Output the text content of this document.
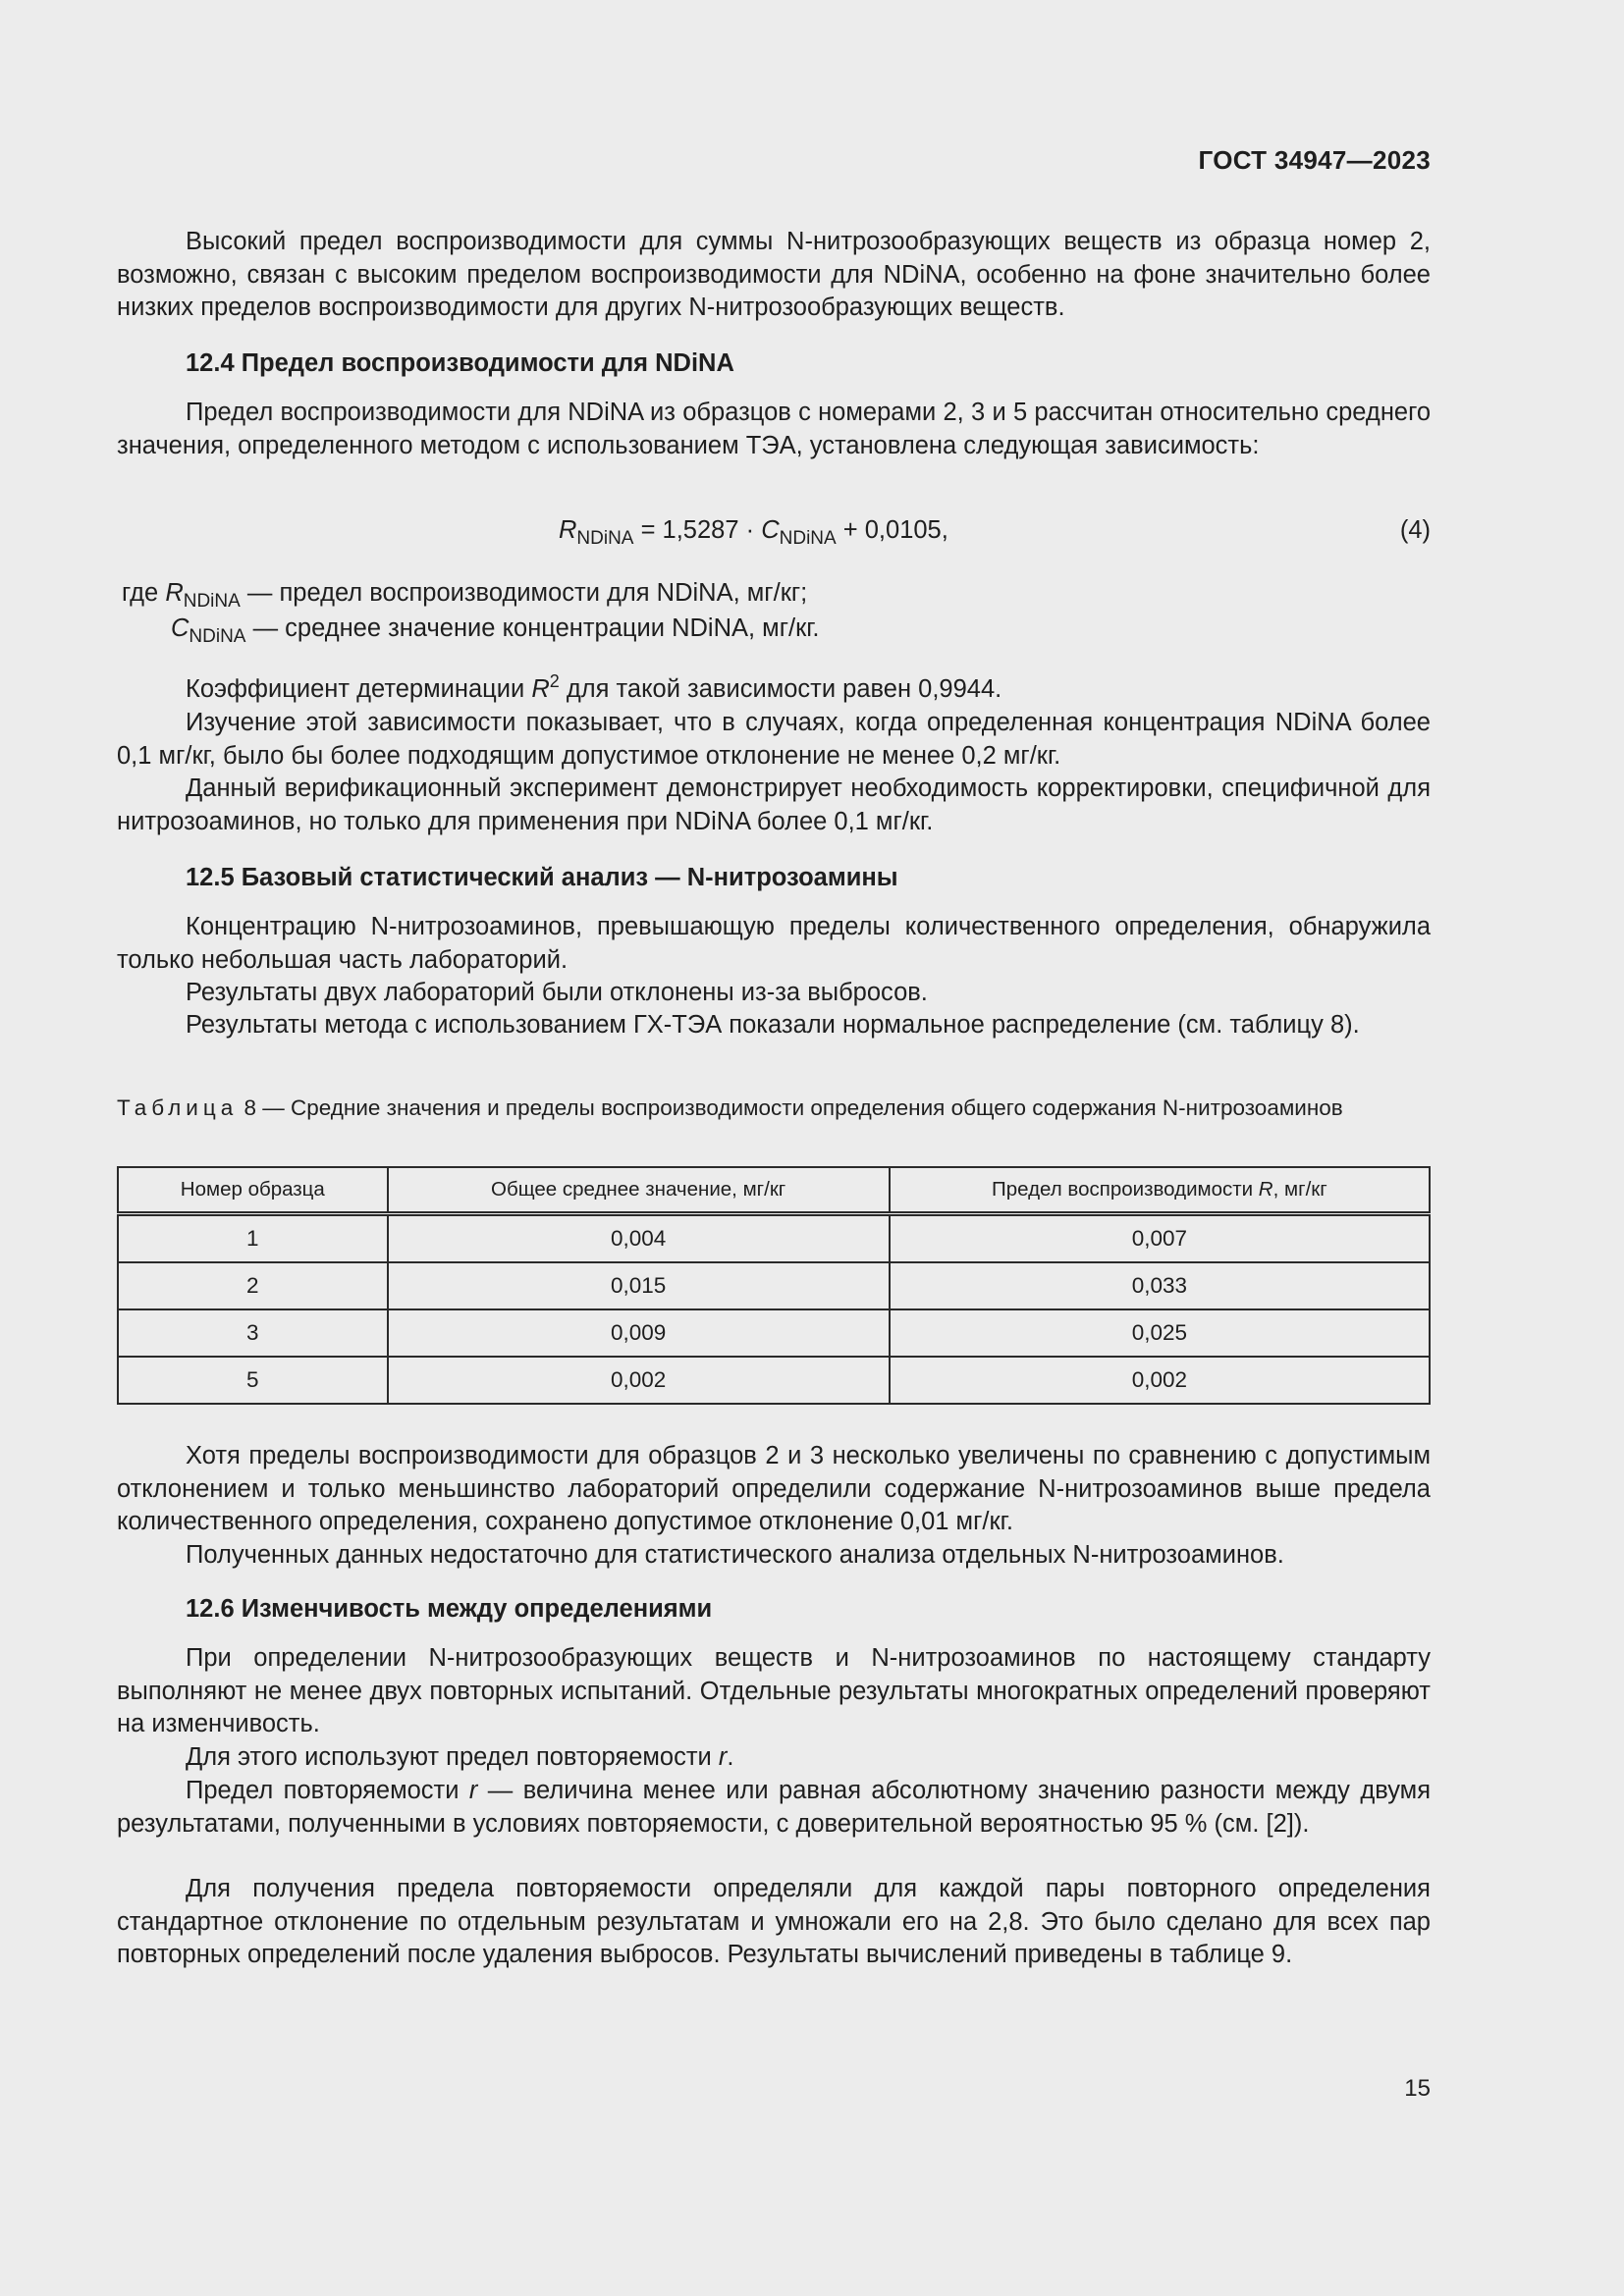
ГОСТ 34947—2023

Высокий предел воспроизводимости для суммы N-нитрозообразующих веществ из образца номер 2, возможно, связан с высоким пределом воспроизводимости для NDiNA, особенно на фоне значительно более низких пределов воспроизводимости для других N-нитрозообразующих веществ.

12.4 Предел воспроизводимости для NDiNA

Предел воспроизводимости для NDiNA из образцов с номерами 2, 3 и 5 рассчитан относительно среднего значения, определенного методом с использованием ТЭА, установлена следующая зависимость:

$R_{NDiNA} = 1,5287 \cdot C_{NDiNA} + 0,0105$,	(4)
где $R_{NDiNA}$ — предел воспроизводимости для NDiNA, мг/кг;
$C_{NDiNA}$ — среднее значение концентрации NDiNA, мг/кг.

Коэффициент детерминации $R^2$ для такой зависимости равен 0,9944.

Изучение этой зависимости показывает, что в случаях, когда определенная концентрация NDiNA более 0,1 мг/кг, было бы более подходящим допустимое отклонение не менее 0,2 мг/кг.

Данный верификационный эксперимент демонстрирует необходимость корректировки, специфичной для нитрозоаминов, но только для применения при NDiNA более 0,1 мг/кг.

12.5 Базовый статистический анализ — N-нитрозоамины

Концентрацию N-нитрозоаминов, превышающую пределы количественного определения, обнаружила только небольшая часть лабораторий.

Результаты двух лабораторий были отклонены из-за выбросов.

Результаты метода с использованием ГХ-ТЭА показали нормальное распределение (см. таблицу 8).

Таблица 8 — Средние значения и пределы воспроизводимости определения общего содержания N-нитрозоаминов

Номер образца	Общее среднее значение, мг/кг	Предел воспроизводимости R, мг/кг
1	0,004	0,007
2	0,015	0,033
3	0,009	0,025
5	0,002	0,002

Хотя пределы воспроизводимости для образцов 2 и 3 несколько увеличены по сравнению с допустимым отклонением и только меньшинство лабораторий определили содержание N-нитрозоаминов выше предела количественного определения, сохранено допустимое отклонение 0,01 мг/кг.

Полученных данных недостаточно для статистического анализа отдельных N-нитрозоаминов.

12.6 Изменчивость между определениями

При определении N-нитрозообразующих веществ и N-нитрозоаминов по настоящему стандарту выполняют не менее двух повторных испытаний. Отдельные результаты многократных определений проверяют на изменчивость.

Для этого используют предел повторяемости r.

Предел повторяемости r — величина менее или равная абсолютному значению разности между двумя результатами, полученными в условиях повторяемости, с доверительной вероятностью 95 % (см. [2]).

Для получения предела повторяемости определяли для каждой пары повторного определения стандартное отклонение по отдельным результатам и умножали его на 2,8. Это было сделано для всех пар повторных определений после удаления выбросов. Результаты вычислений приведены в таблице 9.

15
